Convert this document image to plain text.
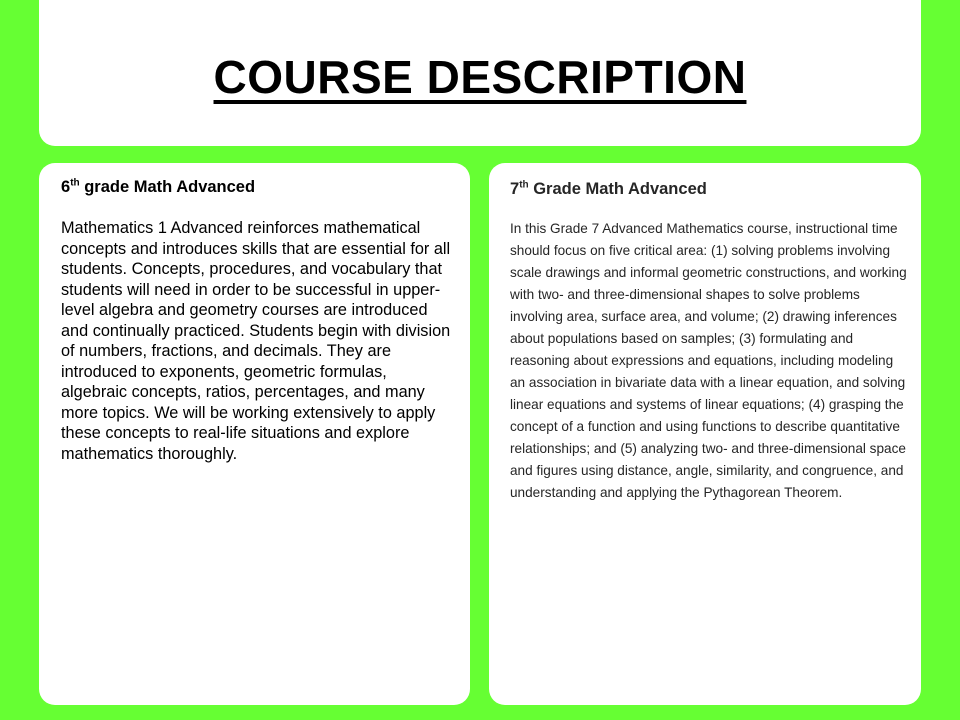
COURSE DESCRIPTION

6th grade Math Advanced

Mathematics 1 Advanced reinforces mathematical concepts and introduces skills that are essential for all students. Concepts, procedures, and vocabulary that students will need in order to be successful in upper-level algebra and geometry courses are introduced and continually practiced. Students begin with division of numbers, fractions, and decimals. They are introduced to exponents, geometric formulas, algebraic concepts, ratios, percentages, and many more topics. We will be working extensively to apply these concepts to real-life situations and explore mathematics thoroughly.

7th Grade Math Advanced

In this Grade 7 Advanced Mathematics course, instructional time should focus on five critical area: (1) solving problems involving scale drawings and informal geometric constructions, and working with two- and three-dimensional shapes to solve problems involving area, surface area, and volume; (2) drawing inferences about populations based on samples; (3) formulating and reasoning about expressions and equations, including modeling an association in bivariate data with a linear equation, and solving linear equations and systems of linear equations; (4) grasping the concept of a function and using functions to describe quantitative relationships; and (5) analyzing two- and three-dimensional space and figures using distance, angle, similarity, and congruence, and understanding and applying the Pythagorean Theorem.
